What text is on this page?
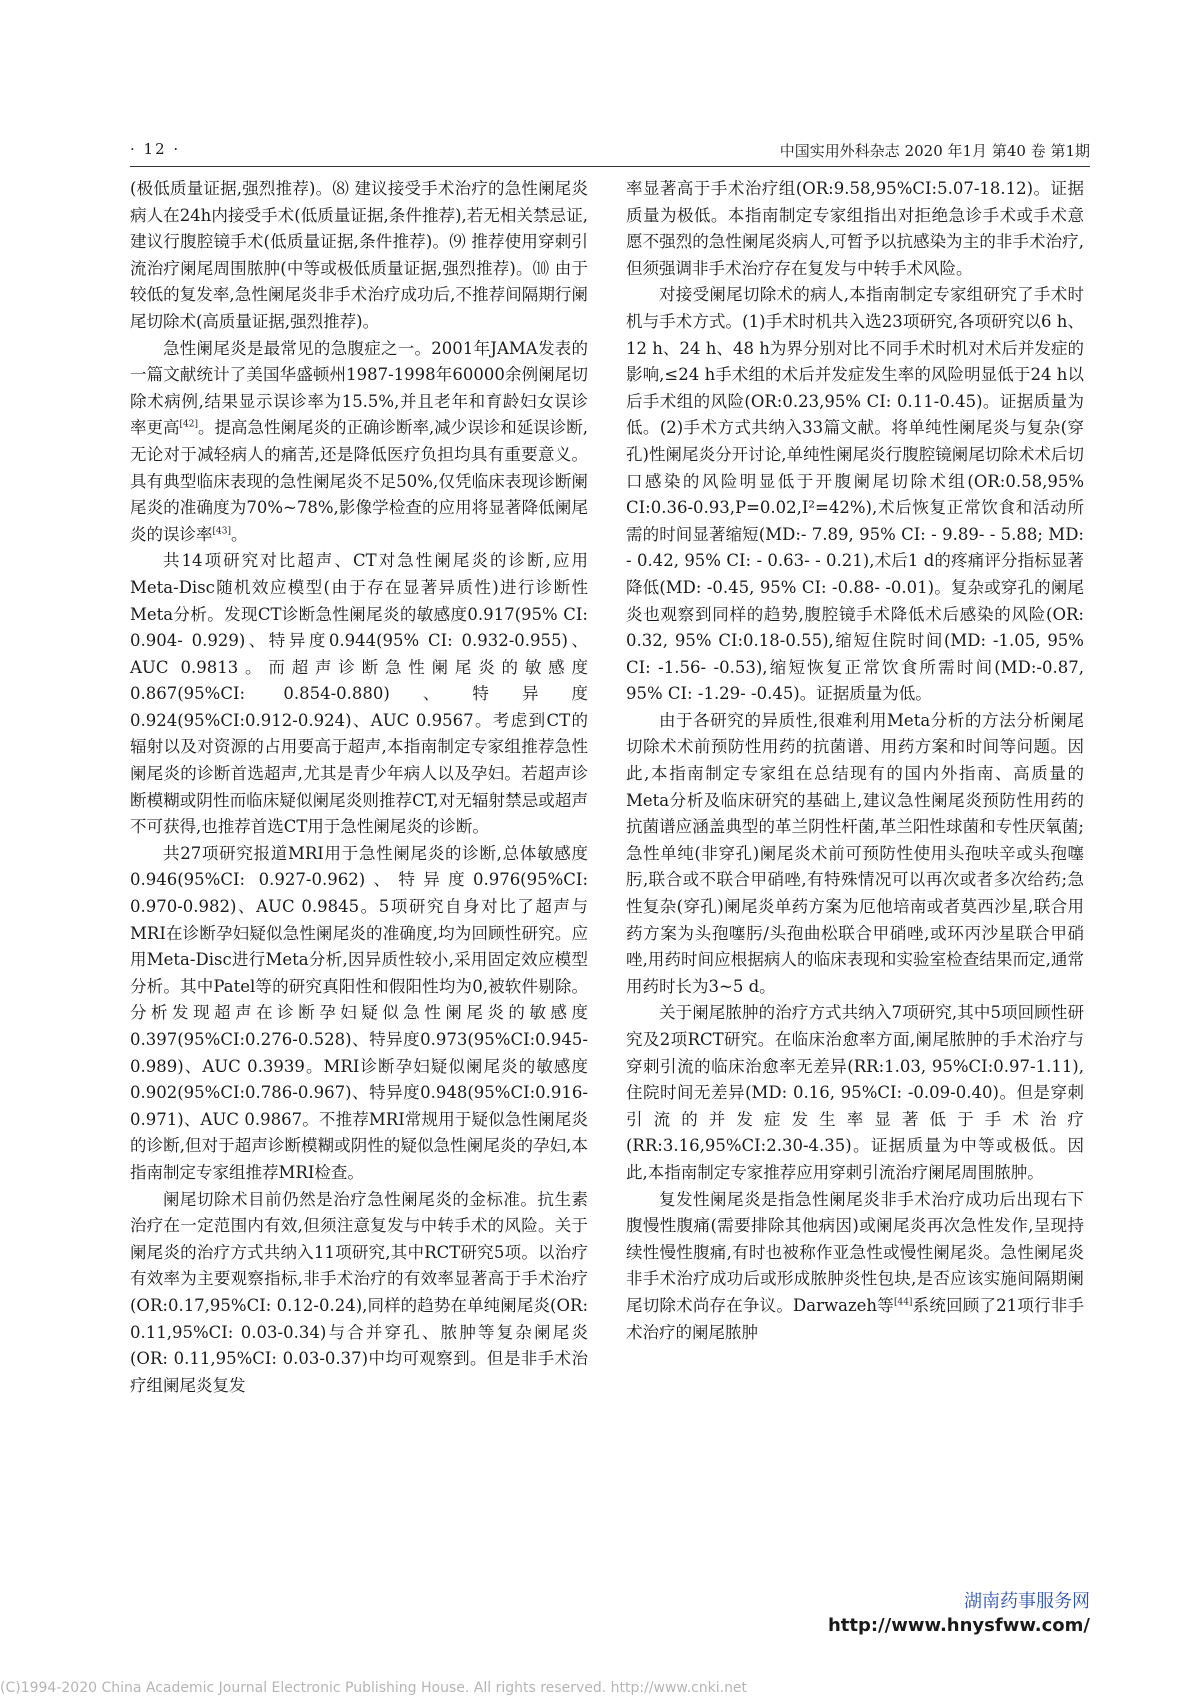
· 12 ·	中国实用外科杂志 2020 年1月 第40 卷 第1期

(极低质量证据,强烈推荐)。⑻ 建议接受手术治疗的急性阑尾炎病人在24h内接受手术(低质量证据,条件推荐),若无相关禁忌证,建议行腹腔镜手术(低质量证据,条件推荐)。⑼ 推荐使用穿刺引流治疗阑尾周围脓肿(中等或极低质量证据,强烈推荐)。⑽ 由于较低的复发率,急性阑尾炎非手术治疗成功后,不推荐间隔期行阑尾切除术(高质量证据,强烈推荐)。

急性阑尾炎是最常见的急腹症之一。2001年JAMA发表的一篇文献统计了美国华盛顿州1987-1998年60000余例阑尾切除术病例,结果显示误诊率为15.5%,并且老年和育龄妇女误诊率更高[42]。提高急性阑尾炎的正确诊断率,减少误诊和延误诊断,无论对于减轻病人的痛苦,还是降低医疗负担均具有重要意义。具有典型临床表现的急性阑尾炎不足50%,仅凭临床表现诊断阑尾炎的准确度为70%~78%,影像学检查的应用将显著降低阑尾炎的误诊率[43]。

共14项研究对比超声、CT对急性阑尾炎的诊断,应用Meta-Disc随机效应模型(由于存在显著异质性)进行诊断性Meta分析。发现CT诊断急性阑尾炎的敏感度0.917(95% CI: 0.904- 0.929)、特异度0.944(95% CI: 0.932-0.955)、AUC 0.9813。而超声诊断急性阑尾炎的敏感度0.867(95%CI: 0.854-0.880)、特异度0.924(95%CI:0.912-0.924)、AUC 0.9567。考虑到CT的辐射以及对资源的占用要高于超声,本指南制定专家组推荐急性阑尾炎的诊断首选超声,尤其是青少年病人以及孕妇。若超声诊断模糊或阴性而临床疑似阑尾炎则推荐CT,对无辐射禁忌或超声不可获得,也推荐首选CT用于急性阑尾炎的诊断。

共27项研究报道MRI用于急性阑尾炎的诊断,总体敏感度0.946(95%CI: 0.927-0.962)、特异度0.976(95%CI: 0.970-0.982)、AUC 0.9845。5项研究自身对比了超声与MRI在诊断孕妇疑似急性阑尾炎的准确度,均为回顾性研究。应用Meta-Disc进行Meta分析,因异质性较小,采用固定效应模型分析。其中Patel等的研究真阳性和假阳性均为0,被软件剔除。分析发现超声在诊断孕妇疑似急性阑尾炎的敏感度0.397(95%CI:0.276-0.528)、特异度0.973(95%CI:0.945-0.989)、AUC 0.3939。MRI诊断孕妇疑似阑尾炎的敏感度0.902(95%CI:0.786-0.967)、特异度0.948(95%CI:0.916-0.971)、AUC 0.9867。不推荐MRI常规用于疑似急性阑尾炎的诊断,但对于超声诊断模糊或阴性的疑似急性阑尾炎的孕妇,本指南制定专家组推荐MRI检查。

阑尾切除术目前仍然是治疗急性阑尾炎的金标准。抗生素治疗在一定范围内有效,但须注意复发与中转手术的风险。关于阑尾炎的治疗方式共纳入11项研究,其中RCT研究5项。以治疗有效率为主要观察指标,非手术治疗的有效率显著高于手术治疗(OR:0.17,95%CI: 0.12-0.24),同样的趋势在单纯阑尾炎(OR: 0.11,95%CI: 0.03-0.34)与合并穿孔、脓肿等复杂阑尾炎(OR: 0.11,95%CI: 0.03-0.37)中均可观察到。但是非手术治疗组阑尾炎复发

率显著高于手术治疗组(OR:9.58,95%CI:5.07-18.12)。证据质量为极低。本指南制定专家组指出对拒绝急诊手术或手术意愿不强烈的急性阑尾炎病人,可暂予以抗感染为主的非手术治疗,但须强调非手术治疗存在复发与中转手术风险。

对接受阑尾切除术的病人,本指南制定专家组研究了手术时机与手术方式。(1)手术时机共入选23项研究,各项研究以6 h、12 h、24 h、48 h为界分别对比不同手术时机对术后并发症的影响,≤24 h手术组的术后并发症发生率的风险明显低于24 h以后手术组的风险(OR:0.23,95% CI: 0.11-0.45)。证据质量为低。(2)手术方式共纳入33篇文献。将单纯性阑尾炎与复杂(穿孔)性阑尾炎分开讨论,单纯性阑尾炎行腹腔镜阑尾切除术术后切口感染的风险明显低于开腹阑尾切除术组(OR:0.58,95% CI:0.36-0.93,P=0.02,I²=42%),术后恢复正常饮食和活动所需的时间显著缩短(MD:- 7.89, 95% CI: - 9.89- - 5.88; MD: - 0.42, 95% CI: - 0.63- - 0.21),术后1 d的疼痛评分指标显著降低(MD: -0.45, 95% CI: -0.88- -0.01)。复杂或穿孔的阑尾炎也观察到同样的趋势,腹腔镜手术降低术后感染的风险(OR: 0.32, 95% CI:0.18-0.55),缩短住院时间(MD: -1.05, 95% CI: -1.56- -0.53),缩短恢复正常饮食所需时间(MD:-0.87, 95% CI: -1.29- -0.45)。证据质量为低。

由于各研究的异质性,很难利用Meta分析的方法分析阑尾切除术术前预防性用药的抗菌谱、用药方案和时间等问题。因此,本指南制定专家组在总结现有的国内外指南、高质量的Meta分析及临床研究的基础上,建议急性阑尾炎预防性用药的抗菌谱应涵盖典型的革兰阴性杆菌,革兰阳性球菌和专性厌氧菌;急性单纯(非穿孔)阑尾炎术前可预防性使用头孢呋辛或头孢噻肟,联合或不联合甲硝唑,有特殊情况可以再次或者多次给药;急性复杂(穿孔)阑尾炎单药方案为厄他培南或者莫西沙星,联合用药方案为头孢噻肟/头孢曲松联合甲硝唑,或环丙沙星联合甲硝唑,用药时间应根据病人的临床表现和实验室检查结果而定,通常用药时长为3~5 d。

关于阑尾脓肿的治疗方式共纳入7项研究,其中5项回顾性研究及2项RCT研究。在临床治愈率方面,阑尾脓肿的手术治疗与穿刺引流的临床治愈率无差异(RR:1.03, 95%CI:0.97-1.11),住院时间无差异(MD: 0.16, 95%CI: -0.09-0.40)。但是穿刺引流的并发症发生率显著低于手术治疗(RR:3.16,95%CI:2.30-4.35)。证据质量为中等或极低。因此,本指南制定专家推荐应用穿刺引流治疗阑尾周围脓肿。

复发性阑尾炎是指急性阑尾炎非手术治疗成功后出现右下腹慢性腹痛(需要排除其他病因)或阑尾炎再次急性发作,呈现持续性慢性腹痛,有时也被称作亚急性或慢性阑尾炎。急性阑尾炎非手术治疗成功后或形成脓肿炎性包块,是否应该实施间隔期阑尾切除术尚存在争议。Darwazeh等[44]系统回顾了21项行非手术治疗的阑尾脓肿

湖南药事服务网
http://www.hnysfww.com/
(C)1994-2020 China Academic Journal Electronic Publishing House. All rights reserved. http://www.cnki.net
